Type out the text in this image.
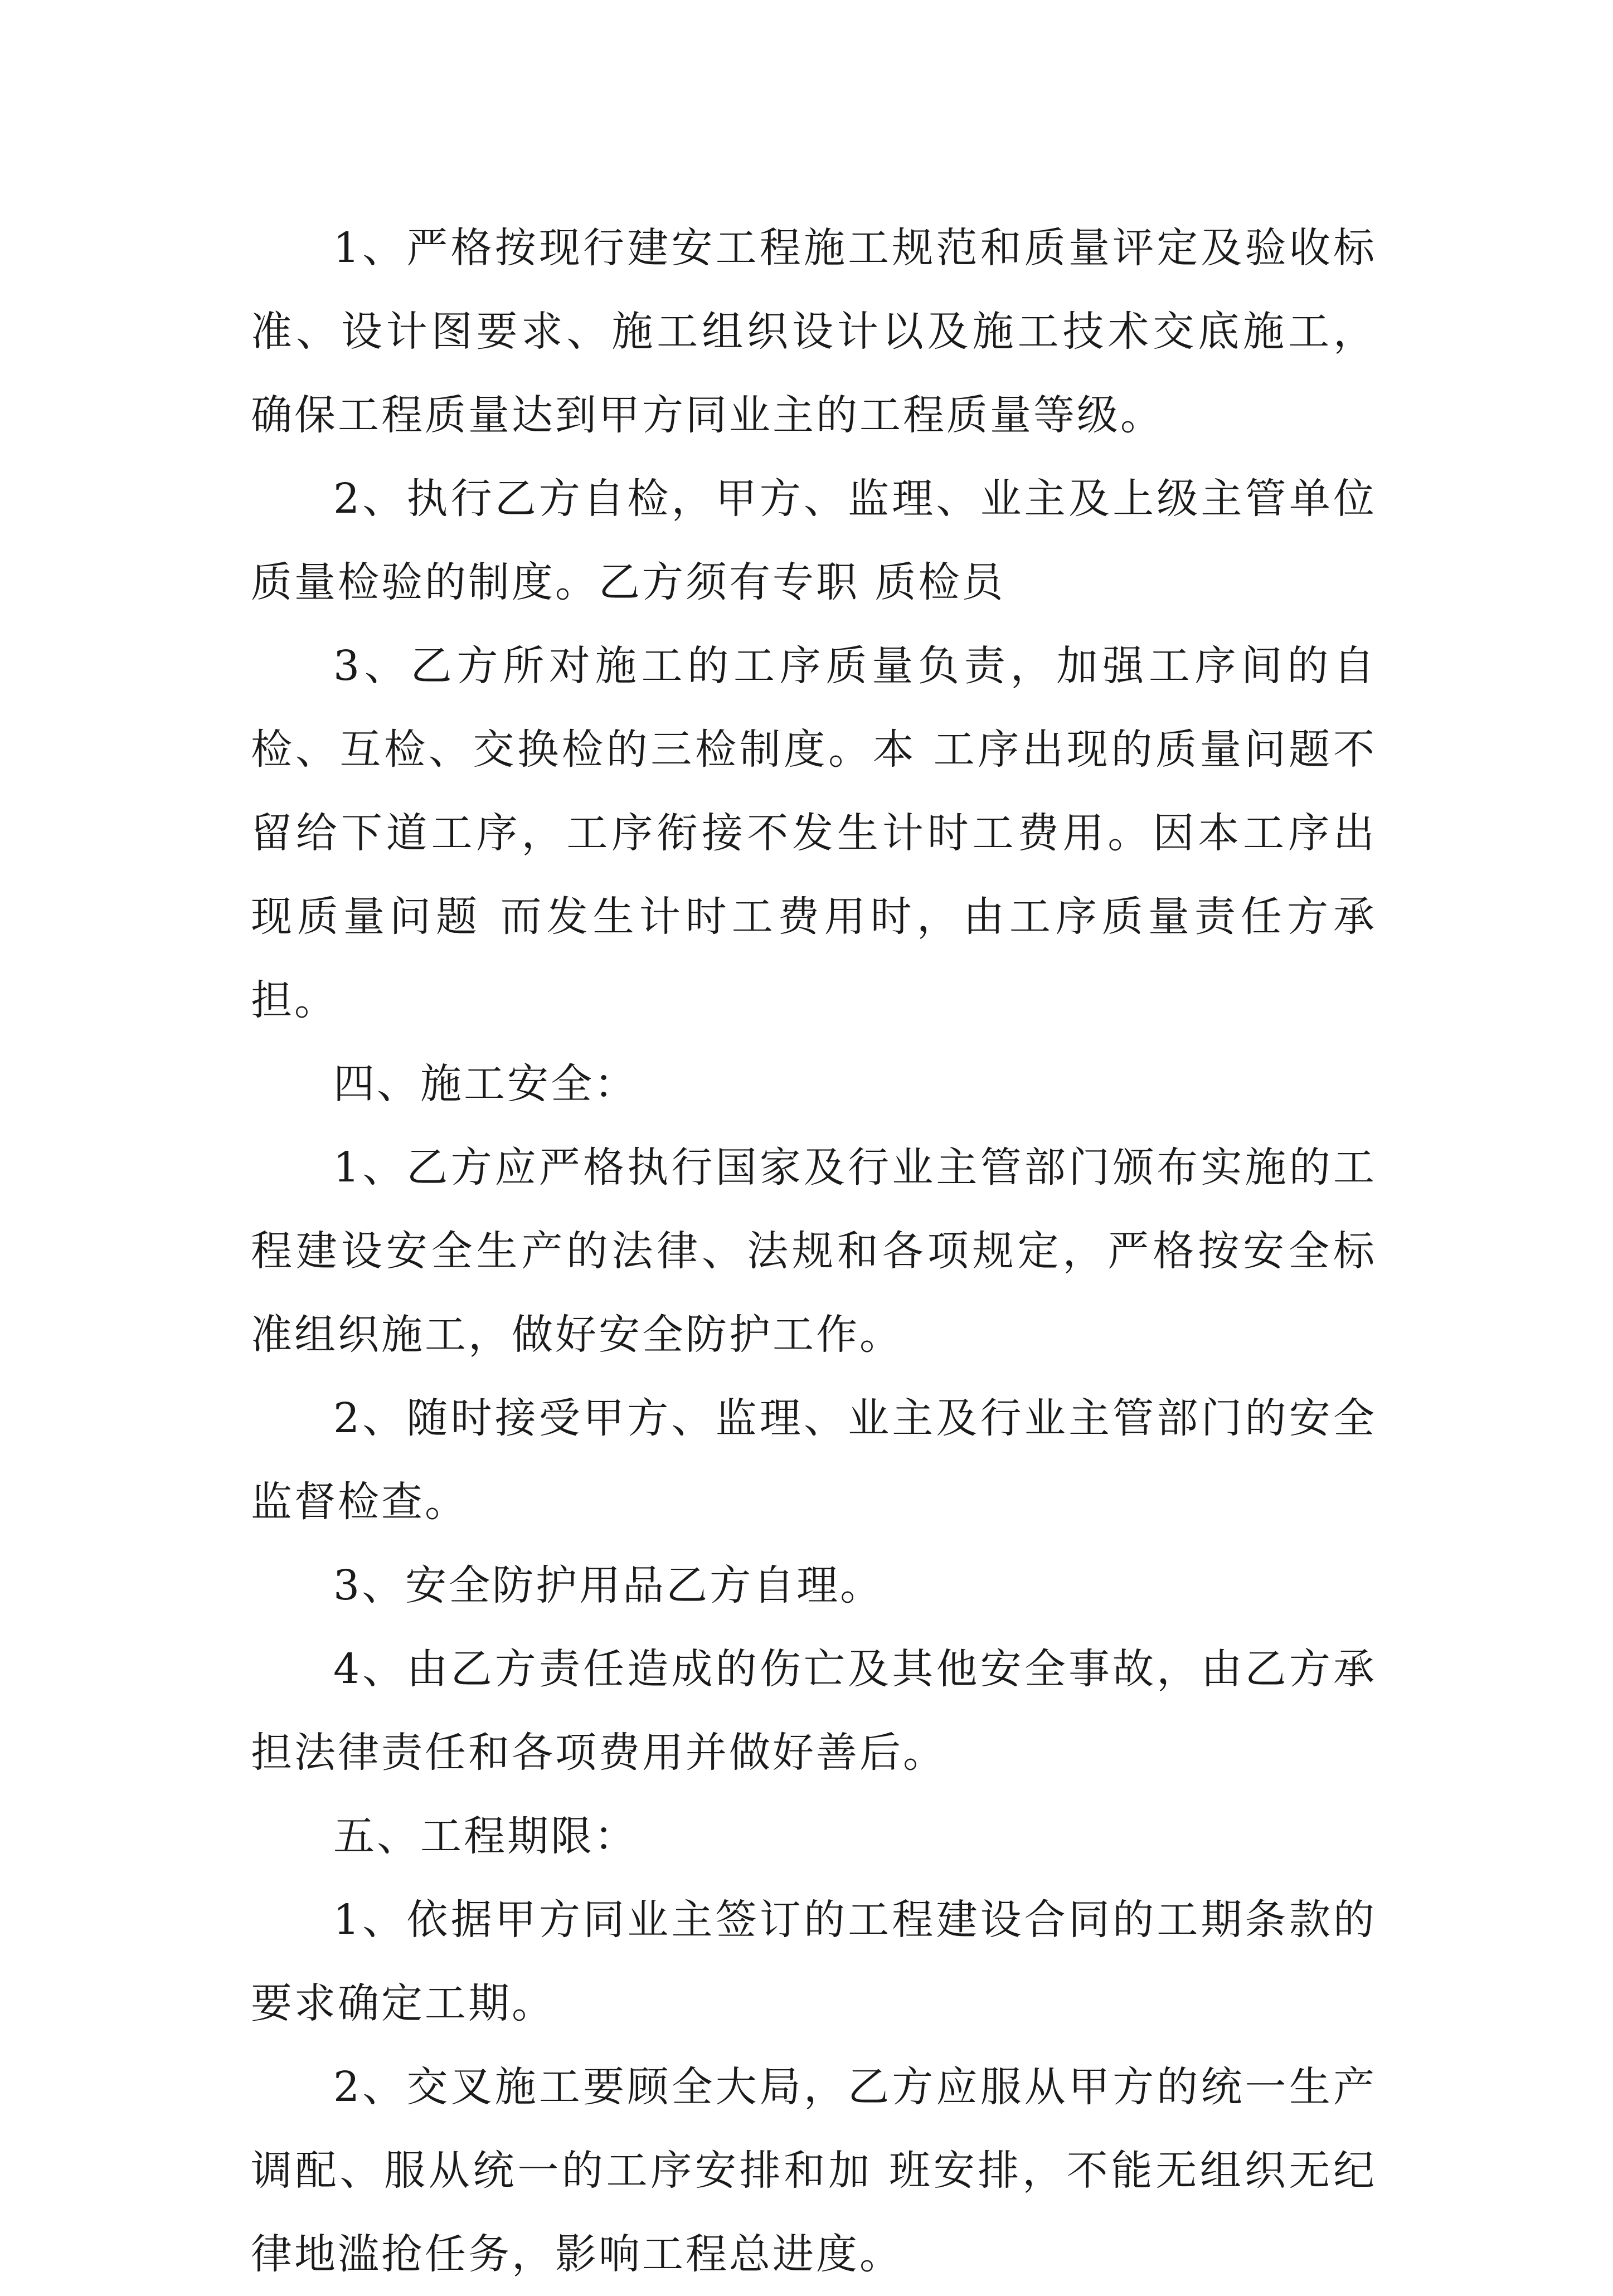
1、严格按现行建安工程施工规范和质量评定及验收标准、设计图要求、施工组织设计以及施工技术交底施工，确保工程质量达到甲方同业主的工程质量等级。

2、执行乙方自检，甲方、监理、业主及上级主管单位质量检验的制度。乙方须有专职 质检员

3、乙方所对施工的工序质量负责，加强工序间的自检、互检、交换检的三检制度。本 工序出现的质量问题不留给下道工序，工序衔接不发生计时工费用。因本工序出现质量问题 而发生计时工费用时，由工序质量责任方承担。

四、施工安全：

1、乙方应严格执行国家及行业主管部门颁布实施的工程建设安全生产的法律、法规和各项规定，严格按安全标准组织施工，做好安全防护工作。

2、随时接受甲方、监理、业主及行业主管部门的安全监督检查。

3、安全防护用品乙方自理。

4、由乙方责任造成的伤亡及其他安全事故，由乙方承担法律责任和各项费用并做好善后。

五、工程期限：

1、依据甲方同业主签订的工程建设合同的工期条款的要求确定工期。

2、交叉施工要顾全大局，乙方应服从甲方的统一生产调配、服从统一的工序安排和加 班安排，不能无组织无纪律地滥抢任务，影响工程总进度。
